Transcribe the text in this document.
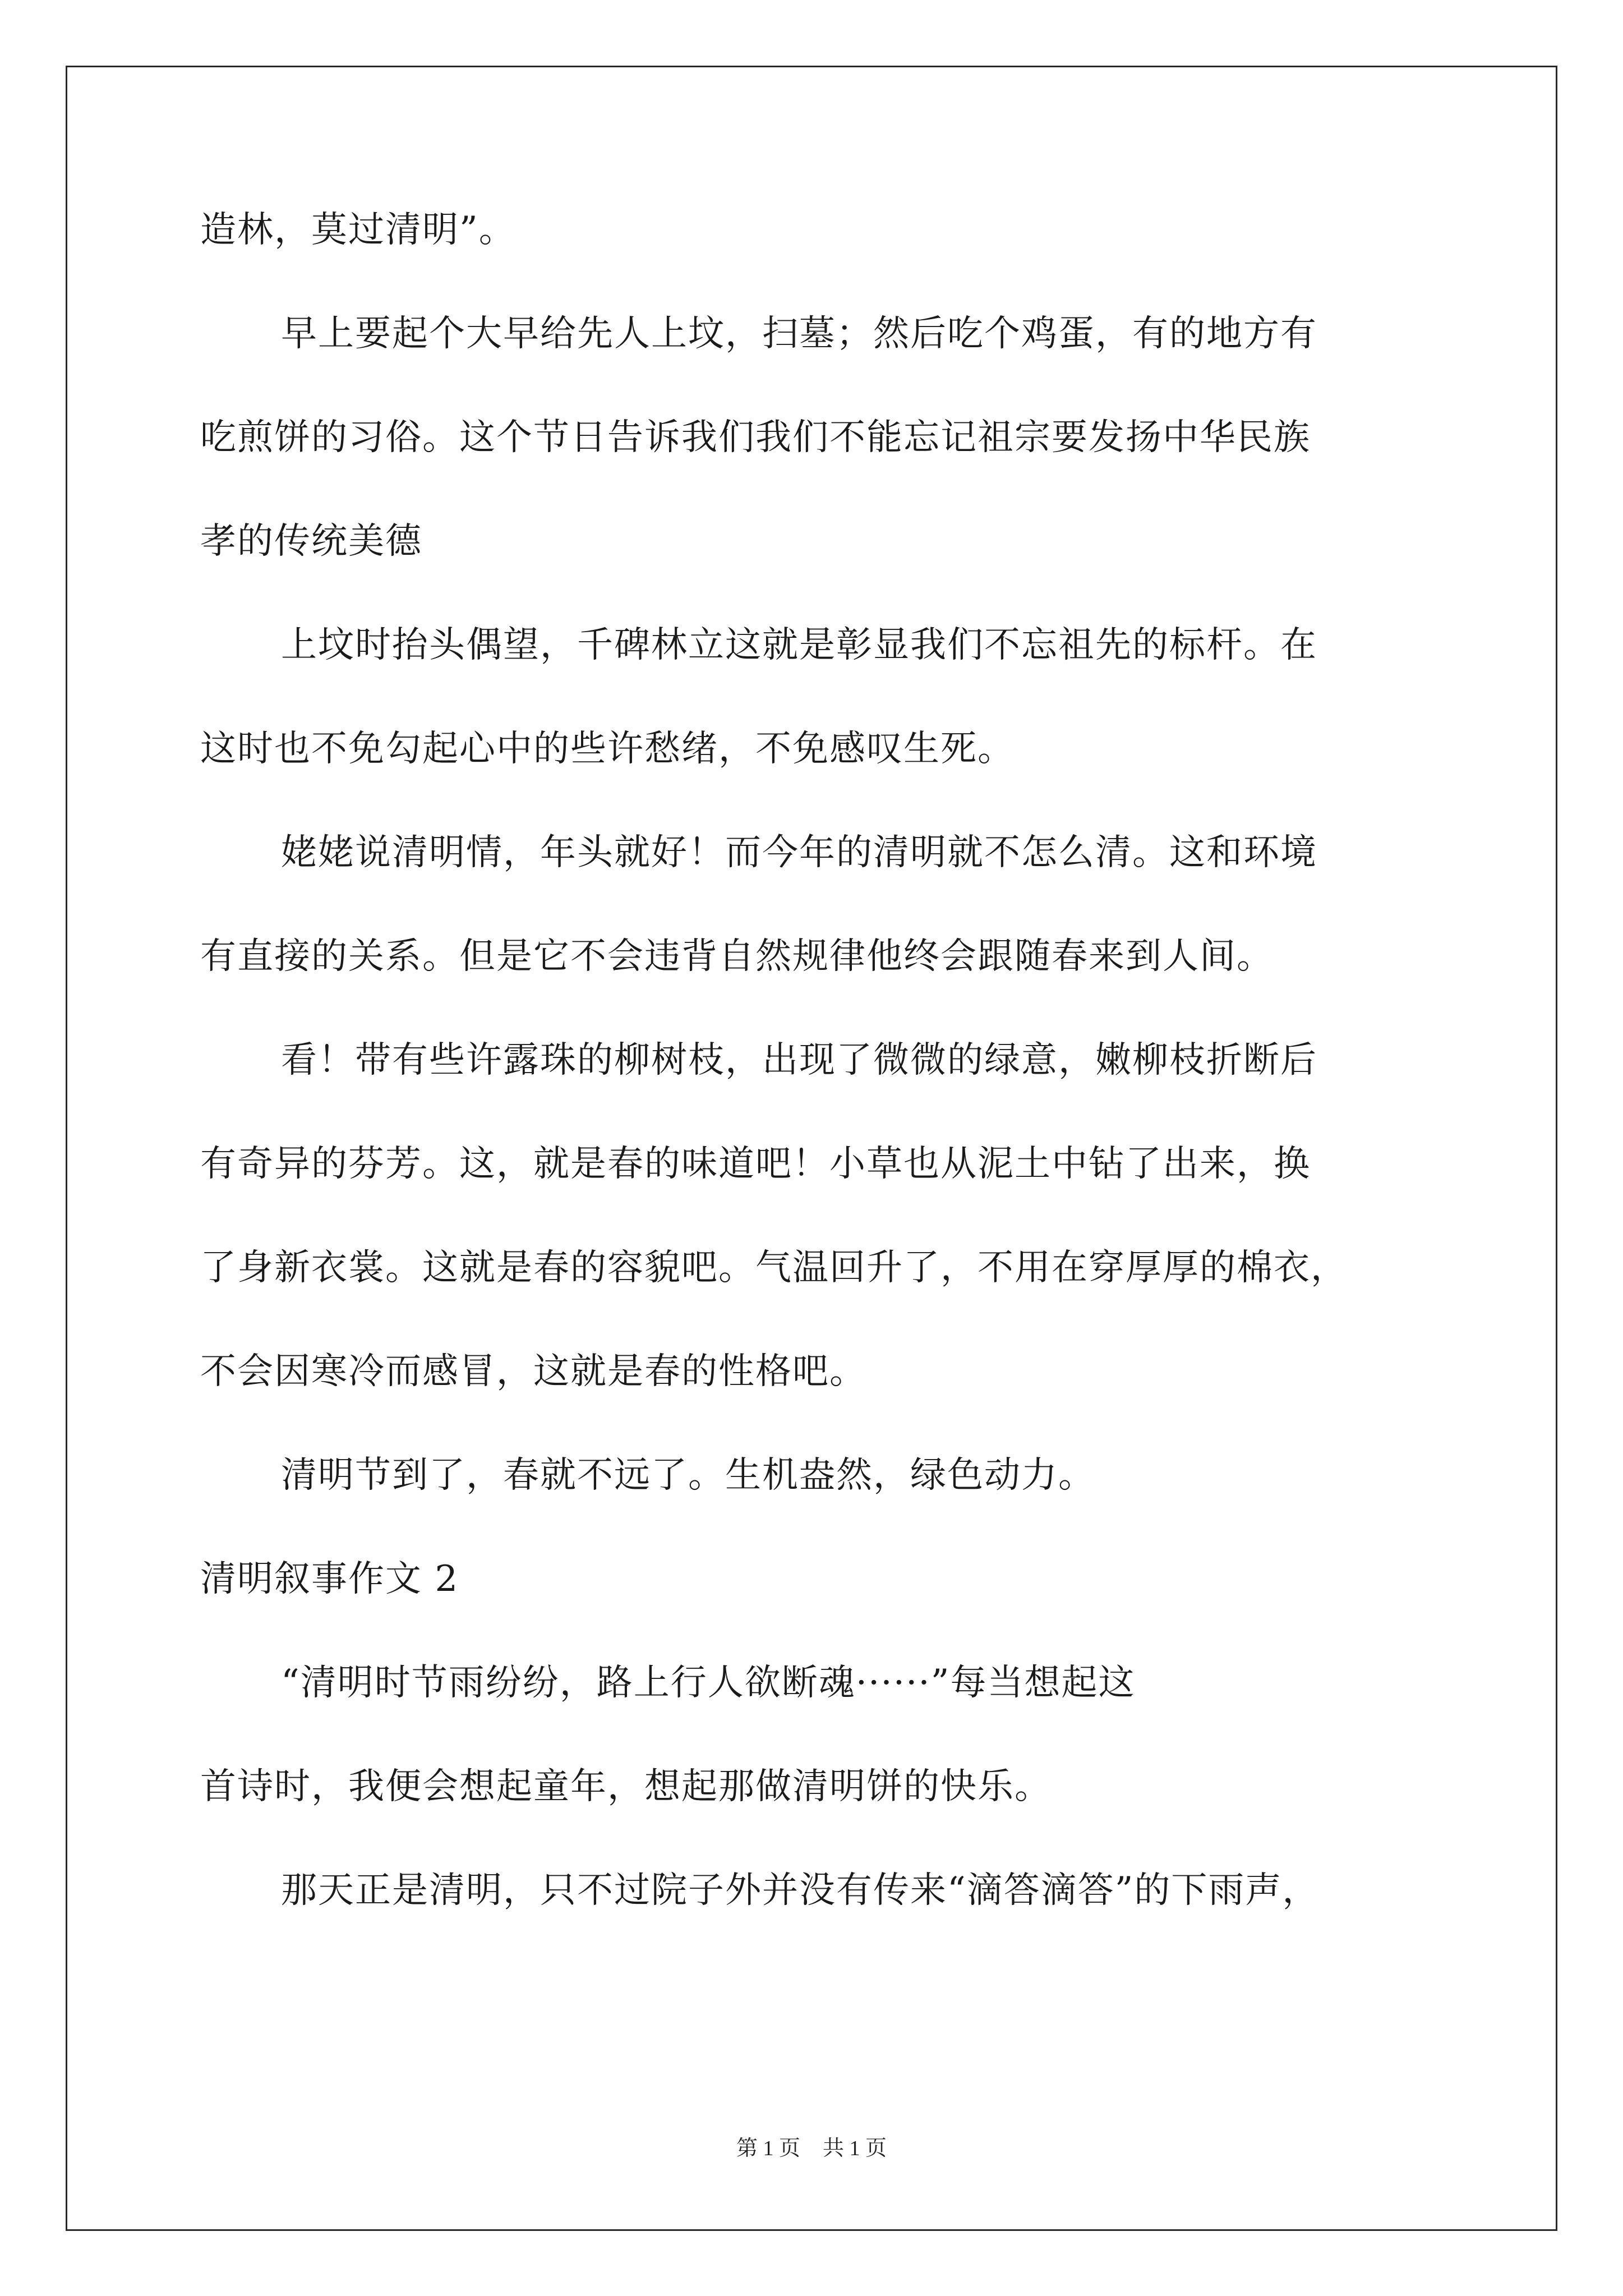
造林，莫过清明”。
早上要起个大早给先人上坟，扫墓；然后吃个鸡蛋，有的地方有
吃煎饼的习俗。这个节日告诉我们我们不能忘记祖宗要发扬中华民族
孝的传统美德
上坟时抬头偶望，千碑林立这就是彰显我们不忘祖先的标杆。在
这时也不免勾起心中的些许愁绪，不免感叹生死。
姥姥说清明情，年头就好！而今年的清明就不怎么清。这和环境
有直接的关系。但是它不会违背自然规律他终会跟随春来到人间。
看！带有些许露珠的柳树枝，出现了微微的绿意，嫩柳枝折断后
有奇异的芬芳。这，就是春的味道吧！小草也从泥土中钻了出来，换
了身新衣裳。这就是春的容貌吧。气温回升了，不用在穿厚厚的棉衣，
不会因寒冷而感冒，这就是春的性格吧。
清明节到了，春就不远了。生机盎然，绿色动力。
清明叙事作文 2
“清明时节雨纷纷，路上行人欲断魂······”每当想起这
首诗时，我便会想起童年，想起那做清明饼的快乐。
那天正是清明，只不过院子外并没有传来“滴答滴答”的下雨声，
第 1 页 共 1 页
